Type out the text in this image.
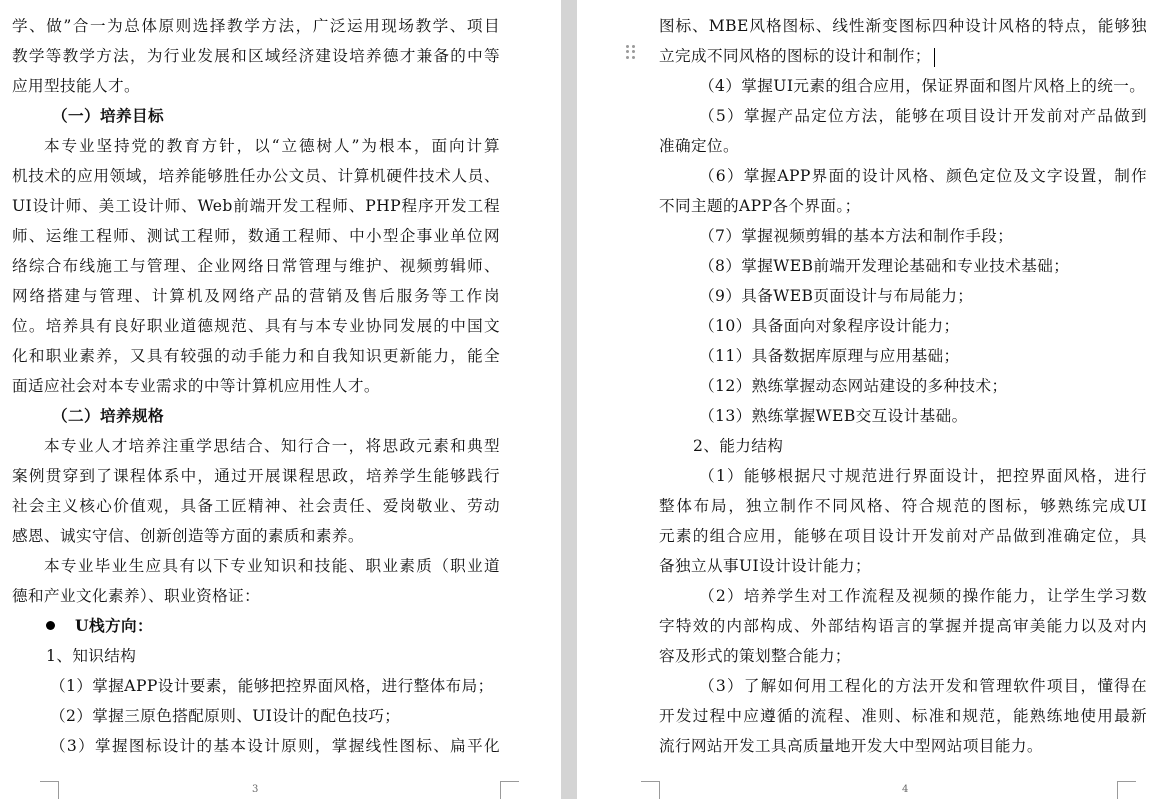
学、做”合一为总体原则选择教学方法，广泛运用现场教学、项目
教学等教学方法，为行业发展和区域经济建设培养德才兼备的中等
应用型技能人才。
（一）培养目标
本专业坚持党的教育方针，以“立德树人”为根本，面向计算
机技术的应用领域，培养能够胜任办公文员、计算机硬件技术人员、
UI设计师、美工设计师、Web前端开发工程师、PHP程序开发工程
师、运维工程师、测试工程师，数通工程师、中小型企事业单位网
络综合布线施工与管理、企业网络日常管理与维护、视频剪辑师、
网络搭建与管理、计算机及网络产品的营销及售后服务等工作岗
位。培养具有良好职业道德规范、具有与本专业协同发展的中国文
化和职业素养，又具有较强的动手能力和自我知识更新能力，能全
面适应社会对本专业需求的中等计算机应用性人才。
（二）培养规格
本专业人才培养注重学思结合、知行合一，将思政元素和典型
案例贯穿到了课程体系中，通过开展课程思政，培养学生能够践行
社会主义核心价值观，具备工匠精神、社会责任、爱岗敬业、劳动
感恩、诚实守信、创新创造等方面的素质和素养。
本专业毕业生应具有以下专业知识和技能、职业素质（职业道
德和产业文化素养）、职业资格证：
U栈方向：
1、知识结构
（1）掌握APP设计要素，能够把控界面风格，进行整体布局；
（2）掌握三原色搭配原则、UI设计的配色技巧；
（3）掌握图标设计的基本设计原则，掌握线性图标、扁平化
3
图标、MBE风格图标、线性渐变图标四种设计风格的特点，能够独
立完成不同风格的图标的设计和制作；
（4）掌握UI元素的组合应用，保证界面和图片风格上的统一。
（5）掌握产品定位方法，能够在项目设计开发前对产品做到
准确定位。
（6）掌握APP界面的设计风格、颜色定位及文字设置，制作
不同主题的APP各个界面。；
（7）掌握视频剪辑的基本方法和制作手段；
（8）掌握WEB前端开发理论基础和专业技术基础；
（9）具备WEB页面设计与布局能力；
（10）具备面向对象程序设计能力；
（11）具备数据库原理与应用基础；
（12）熟练掌握动态网站建设的多种技术；
（13）熟练掌握WEB交互设计基础。
2、能力结构
（1）能够根据尺寸规范进行界面设计，把控界面风格，进行
整体布局，独立制作不同风格、符合规范的图标，够熟练完成UI
元素的组合应用，能够在项目设计开发前对产品做到准确定位，具
备独立从事UI设计设计能力；
（2）培养学生对工作流程及视频的操作能力，让学生学习数
字特效的内部构成、外部结构语言的掌握并提高审美能力以及对内
容及形式的策划整合能力；
（3）了解如何用工程化的方法开发和管理软件项目，懂得在
开发过程中应遵循的流程、准则、标准和规范，能熟练地使用最新
流行网站开发工具高质量地开发大中型网站项目能力。
4
